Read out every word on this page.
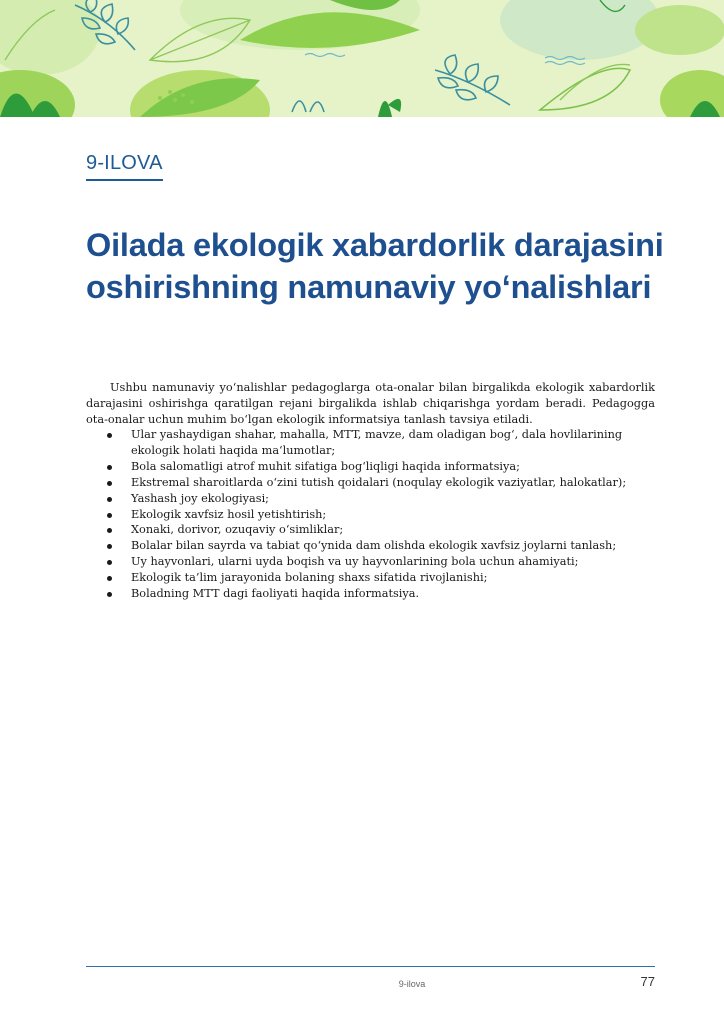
9-ILOVA
Oilada ekologik xabardorlik darajasini oshirishning namunaviy yo‘nalishlari

Ushbu namunaviy yo‘nalishlar pedagoglarga ota-onalar bilan birgalikda ekologik xabardorlik darajasini oshirishga qaratilgan rejani birgalikda ishlab chiqarishga yordam beradi. Pedagogga ota-onalar uchun muhim bo‘lgan ekologik informatsiya tanlash tavsiya etiladi.

Ular yashaydigan shahar, mahalla, MTT, mavze, dam oladigan bog‘, dala hovlilarining ekologik holati haqida ma‘lumotlar;
Bola salomatligi atrof muhit sifatiga bog‘liqligi haqida informatsiya;
Ekstremal sharoitlarda o‘zini tutish qoidalari (noqulay ekologik vaziyatlar, halokatlar);
Yashash joy ekologiyasi;
Ekologik xavfsiz hosil yetishtirish;
Xonaki, dorivor, ozuqaviy o‘simliklar;
Bolalar bilan sayrda va tabiat qo‘ynida dam olishda ekologik xavfsiz joylarni tanlash;
Uy hayvonlari, ularni uyda boqish va uy hayvonlarining bola uchun ahamiyati;
Ekologik ta’lim jarayonida bolaning shaxs sifatida rivojlanishi;
Boladning MTT dagi faoliyati haqida informatsiya.
9-ilova	77
